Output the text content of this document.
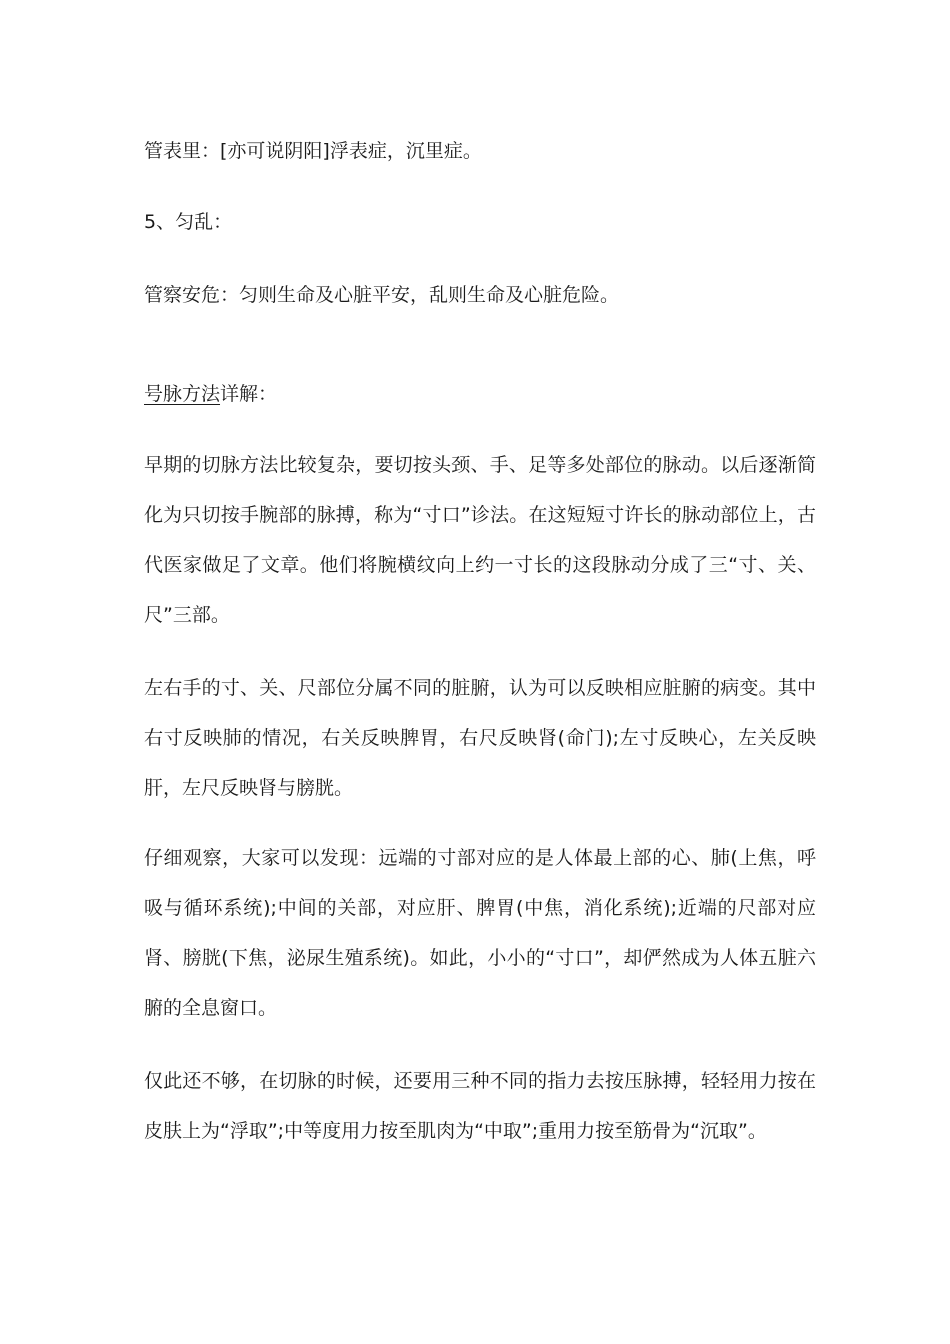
管表里：[亦可说阴阳]浮表症，沉里症。

5、匀乱：

管察安危：匀则生命及心脏平安，乱则生命及心脏危险。

号脉方法详解：

早期的切脉方法比较复杂，要切按头颈、手、足等多处部位的脉动。以后逐渐简化为只切按手腕部的脉搏，称为“寸口”诊法。在这短短寸许长的脉动部位上，古代医家做足了文章。他们将腕横纹向上约一寸长的这段脉动分成了三“寸、关、尺”三部。

左右手的寸、关、尺部位分属不同的脏腑，认为可以反映相应脏腑的病变。其中右寸反映肺的情况，右关反映脾胃，右尺反映肾(命门);左寸反映心，左关反映肝，左尺反映肾与膀胱。

仔细观察，大家可以发现：远端的寸部对应的是人体最上部的心、肺(上焦，呼吸与循环系统);中间的关部，对应肝、脾胃(中焦，消化系统);近端的尺部对应肾、膀胱(下焦，泌尿生殖系统)。如此，小小的“寸口”，却俨然成为人体五脏六腑的全息窗口。

仅此还不够，在切脉的时候，还要用三种不同的指力去按压脉搏，轻轻用力按在皮肤上为“浮取”;中等度用力按至肌肉为“中取”;重用力按至筋骨为“沉取”。
